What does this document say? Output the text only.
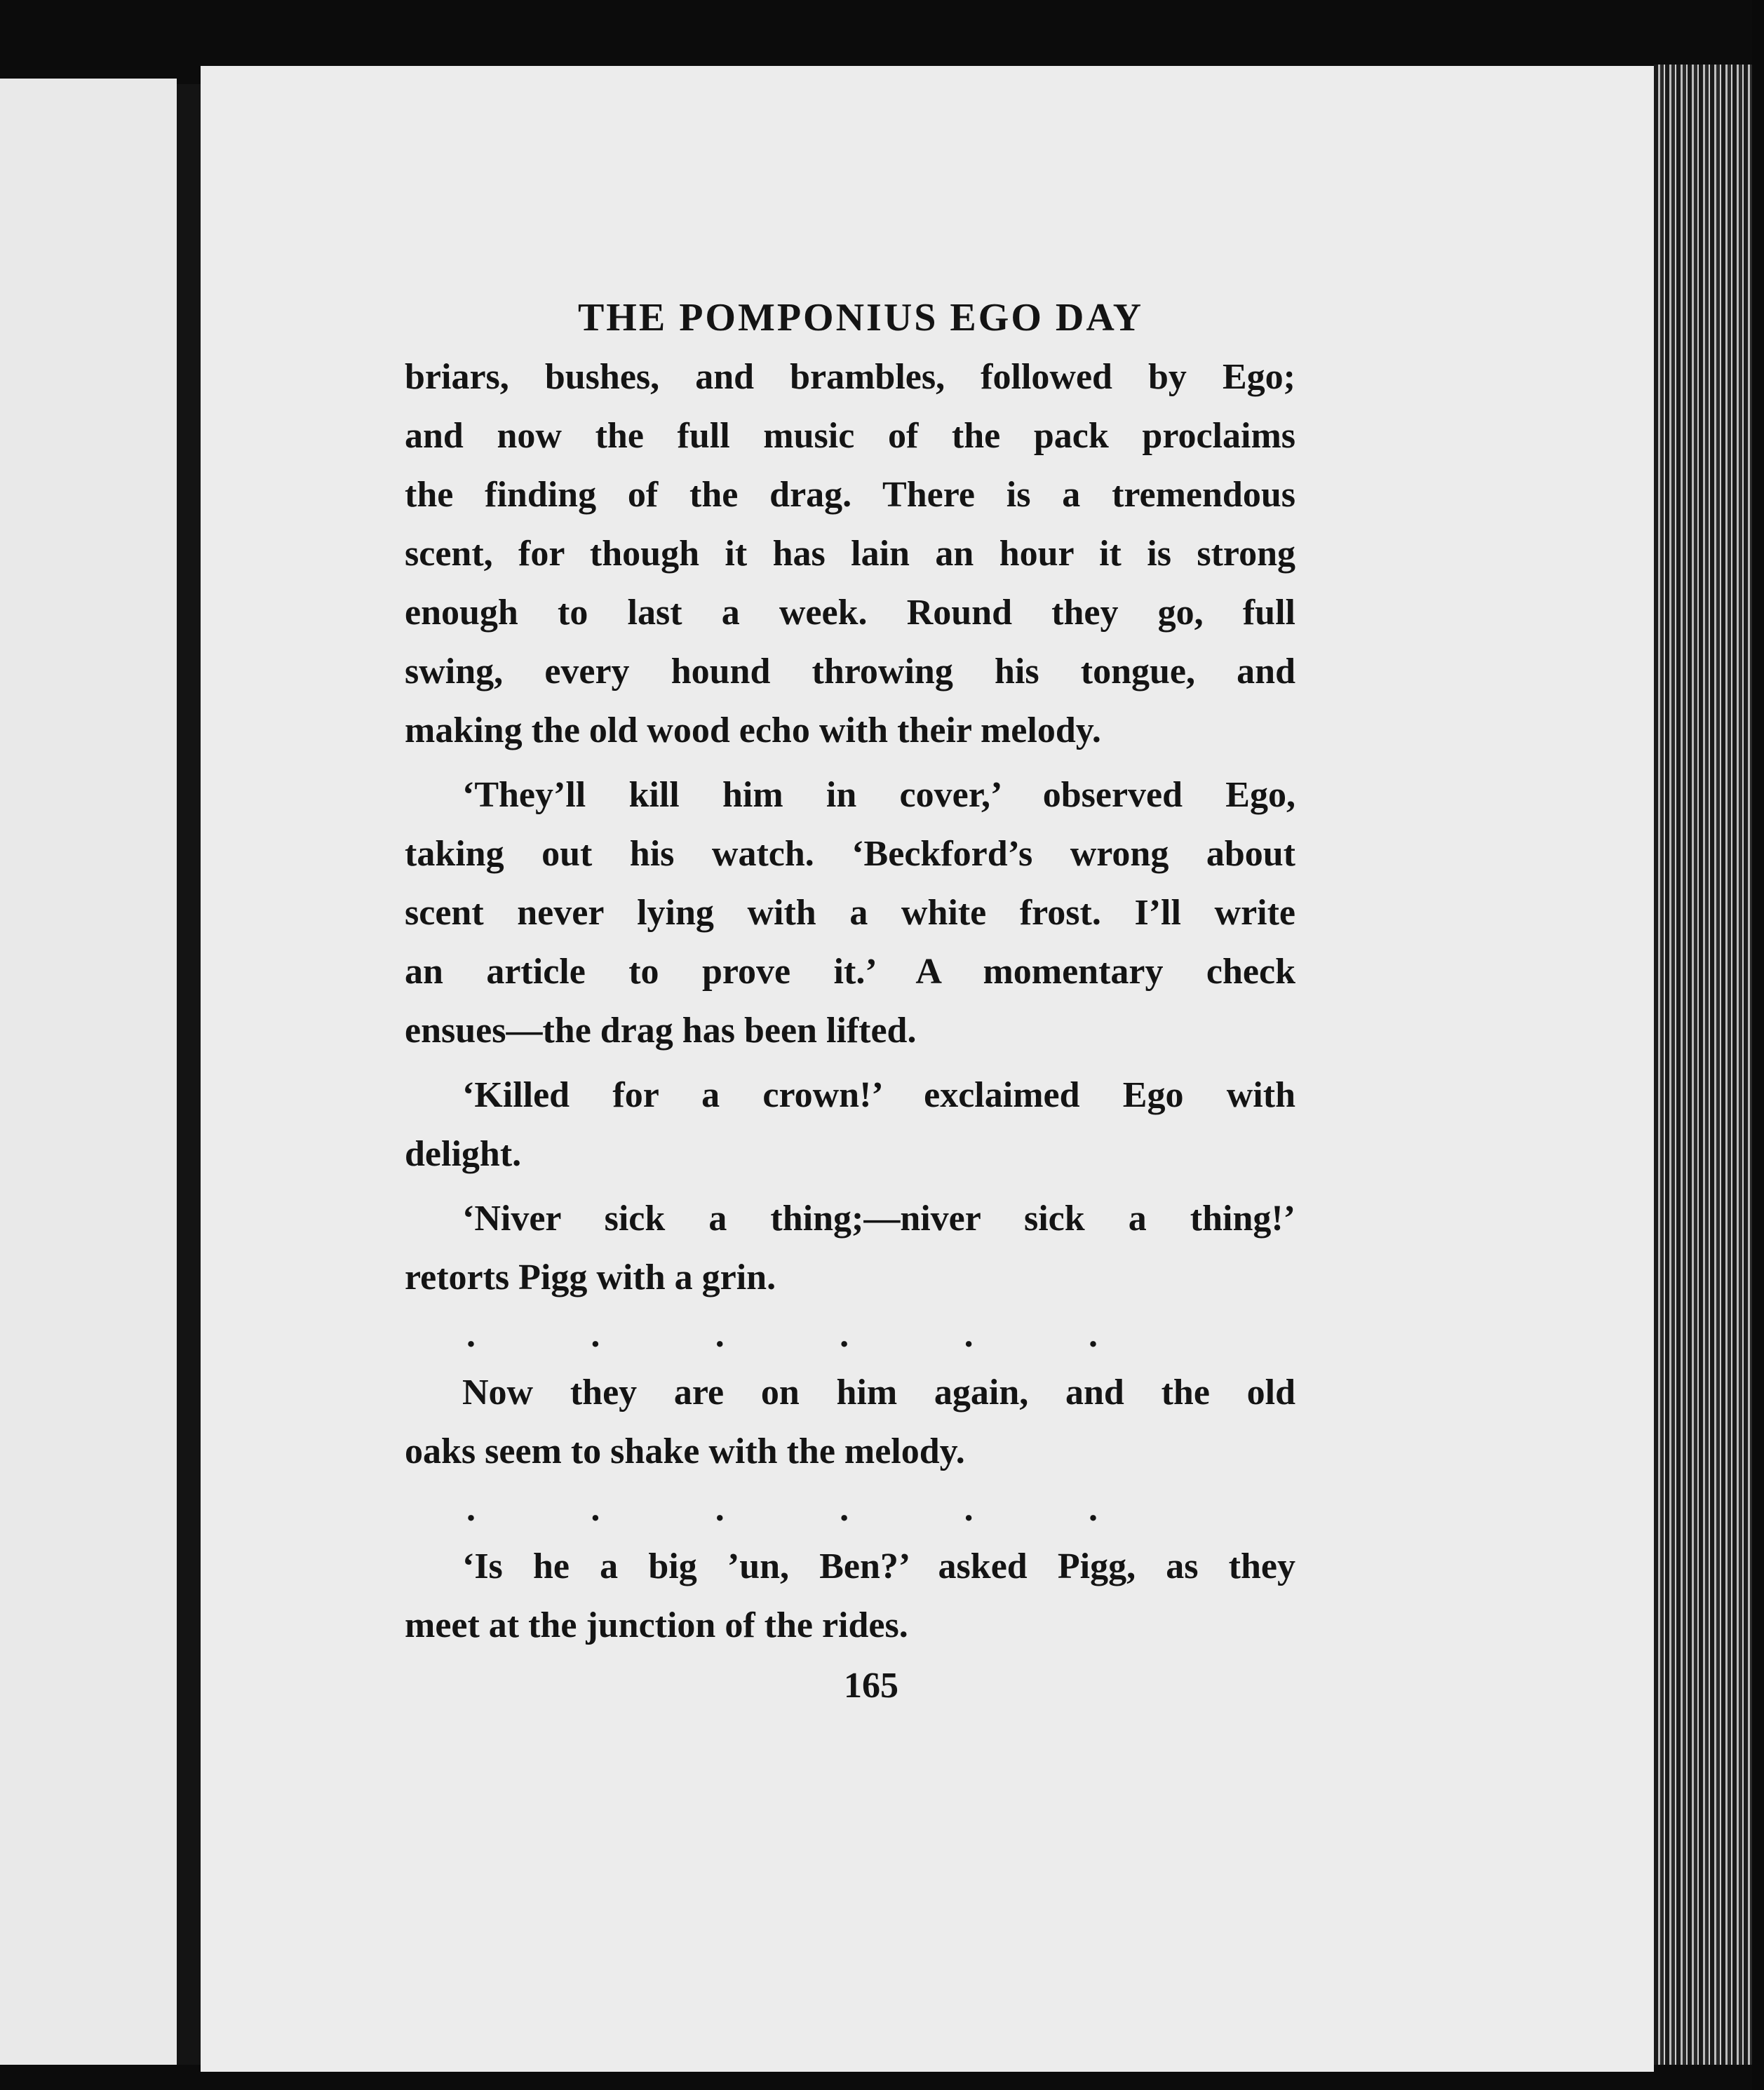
THE POMPONIUS EGO DAY
briars, bushes, and brambles, followed by Ego;
and now the full music of the pack proclaims
the finding of the drag. There is a tremendous
scent, for though it has lain an hour it is strong
enough to last a week. Round they go, full
swing, every hound throwing his tongue, and
making the old wood echo with their melody.
‘They’ll kill him in cover,’ observed Ego,
taking out his watch. ‘Beckford’s wrong about
scent never lying with a white frost. I’ll write
an article to prove it.’ A momentary check
ensues—the drag has been lifted.
‘Killed for a crown!’ exclaimed Ego with
delight.
‘Niver sick a thing;—niver sick a thing!’
retorts Pigg with a grin.
.	.	.	.	.	.
Now they are on him again, and the old
oaks seem to shake with the melody.
.	.	.	.	.	.
‘Is he a big ’un, Ben?’ asked Pigg, as they
meet at the junction of the rides.
165
